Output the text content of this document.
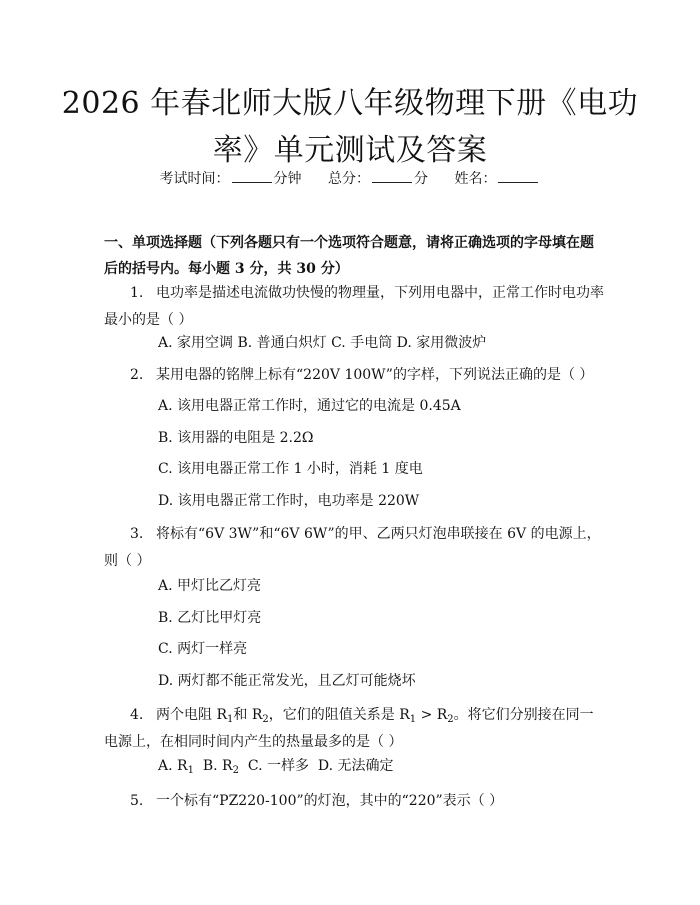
2026 年春北师大版八年级物理下册《电功率》单元测试及答案
考试时间：	分钟 总分：	分 姓名：
一、单项选择题（下列各题只有一个选项符合题意，请将正确选项的字母填在题后的括号内。每小题 3 分，共 30 分）
1. 电功率是描述电流做功快慢的物理量，下列用电器中，正常工作时电功率最小的是（ ）
A. 家用空调 B. 普通白炽灯 C. 手电筒 D. 家用微波炉
2. 某用电器的铭牌上标有“220V 100W”的字样，下列说法正确的是（ ）
A. 该用电器正常工作时，通过它的电流是 0.45A
B. 该用器的电阻是 2.2Ω
C. 该用电器正常工作 1 小时，消耗 1 度电
D. 该用电器正常工作时，电功率是 220W
3. 将标有“6V 3W”和“6V 6W”的甲、乙两只灯泡串联接在 6V 的电源上，则（ ）
A. 甲灯比乙灯亮
B. 乙灯比甲灯亮
C. 两灯一样亮
D. 两灯都不能正常发光，且乙灯可能烧坏
4. 两个电阻 $R_1$和 $R_2$，它们的阻值关系是 $R_1 > R_2$。将它们分别接在同一电源上，在相同时间内产生的热量最多的是（ ）
A. $R_1$  B. $R_2$  C. 一样多  D. 无法确定
5. 一个标有“PZ220-100”的灯泡，其中的“220”表示（ ）
